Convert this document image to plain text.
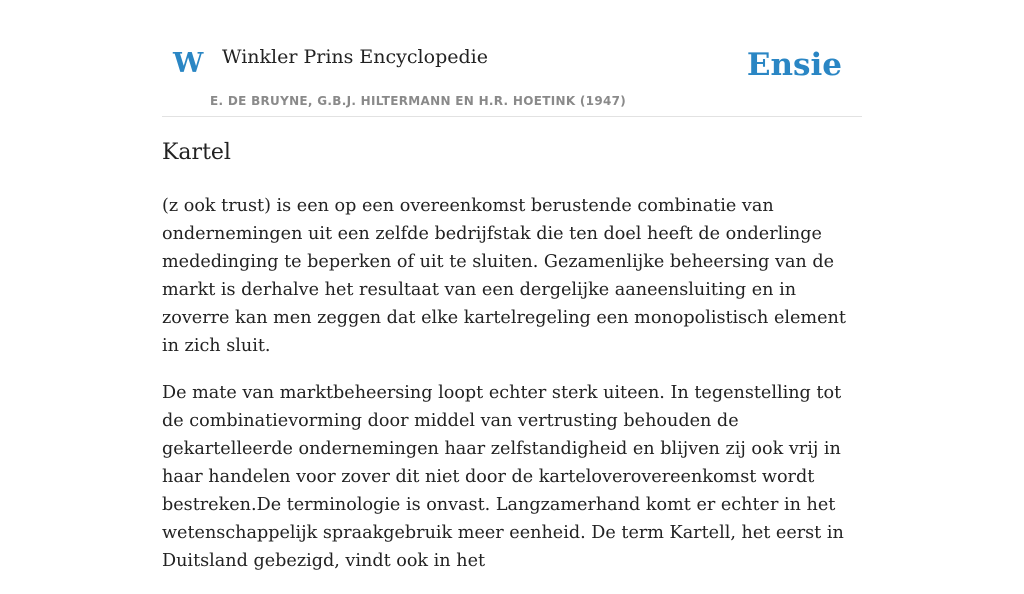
W Winkler Prins Encyclopedie
E. DE BRUYNE, G.B.J. HILTERMANN EN H.R. HOETINK (1947)
Ensie
Kartel

(z ook trust) is een op een overeenkomst berustende combinatie van ondernemingen uit een zelfde bedrijfstak die ten doel heeft de onderlinge mededinging te beperken of uit te sluiten. Gezamenlijke beheersing van de markt is derhalve het resultaat van een dergelijke aaneensluiting en in zoverre kan men zeggen dat elke kartelregeling een monopolistisch element in zich sluit.

De mate van marktbeheersing loopt echter sterk uiteen. In tegenstelling tot de combinatievorming door middel van vertrusting behouden de gekartelleerde ondernemingen haar zelfstandigheid en blijven zij ook vrij in haar handelen voor zover dit niet door de karteloverovereenkomst wordt bestreken.De terminologie is onvast. Langzamerhand komt er echter in het wetenschappelijk spraakgebruik meer eenheid. De term Kartell, het eerst in Duitsland gebezigd, vindt ook in het
